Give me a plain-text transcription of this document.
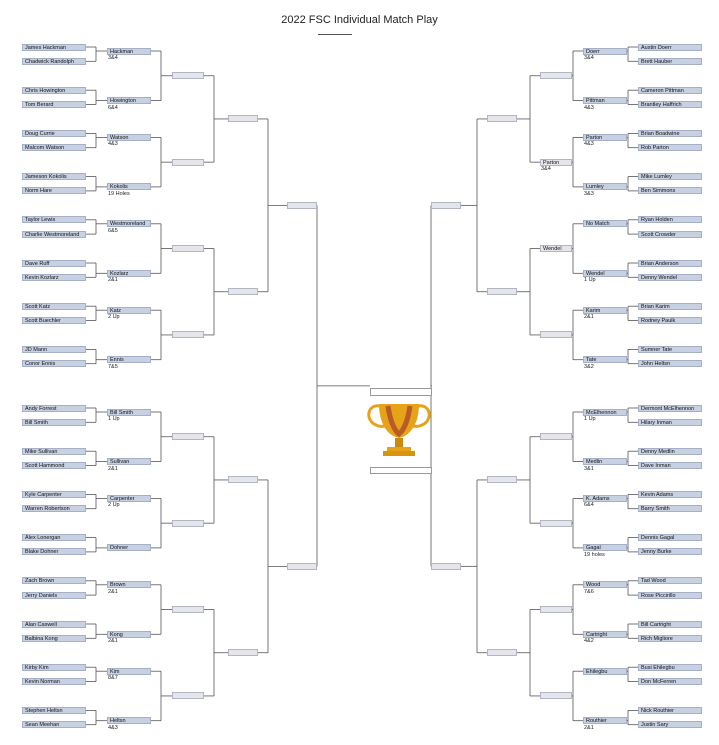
2022 FSC Individual Match Play
James Hackman
Chadwick Randolph
Chris Howington
Tom Berard
Doug Currie
Malcom Watson
Jameson Kokolis
Norm Hare
Taylor Lewis
Charlie Westmoreland
Dave Ruff
Kevin Kozlarz
Scott Katz
Scott Buechler
JD Mann
Conor Ennis
Andy Forrest
Bill Smith
Mike Sullivan
Scott Hammond
Kyle Carpenter
Warren Robertson
Alex Lonergan
Blake Dohner
Zach Brown
Jerry Daniels
Alan Caswell
Balbina Kong
Kirby Kim
Kevin Norman
Stephen Heltsn
Sean Meehan
Hackman
3&4
Howington
6&4
Watson
4&3
Kokolis
19 Holes
Westmoreland
6&5
Kozlarz
2&1
Katz
2 Up
Ennis
7&5
Bill Smith
1 Up
Sullivan
2&1
Carpenter
2 Up
Dohner
Brown
2&1
Kong
2&1
Kim
8&7
Heltsn
4&3
Austin Doerr
Brett Hauber
Cameron Pittman
Brantley Haffrich
Brian Boadwine
Rob Parton
Mike Lumley
Ben Simmons
Ryan Holden
Scott Crowder
Brian Anderson
Denny Wendel
Brian Karim
Rodney Paulk
Sumner Tate
John Heltsn
Dermont McElhennon
Hilary Inman
Denny Medlin
Dave Inman
Kevin Adams
Barry Smith
Dennis Gagal
Jenny Burke
Tad Wood
Rose Piccirillo
Bill Cartright
Rich Migliore
Busi Ehilegbu
Don McFerren
Nick Routhier
Justin Sary
Doerr
3&4
Pittman
4&3
Parton
4&3
Lumley
3&3
No Match
Wendel
1 Up
Karim
2&1
Tate
3&2
McElhennon
1 Up
Medlin
3&1
K. Adams
6&4
Gagal
19 holes
Wood
7&6
Cartright
4&2
Ehilegbu
Routhier
2&1
Parton
3&4
Wendel
